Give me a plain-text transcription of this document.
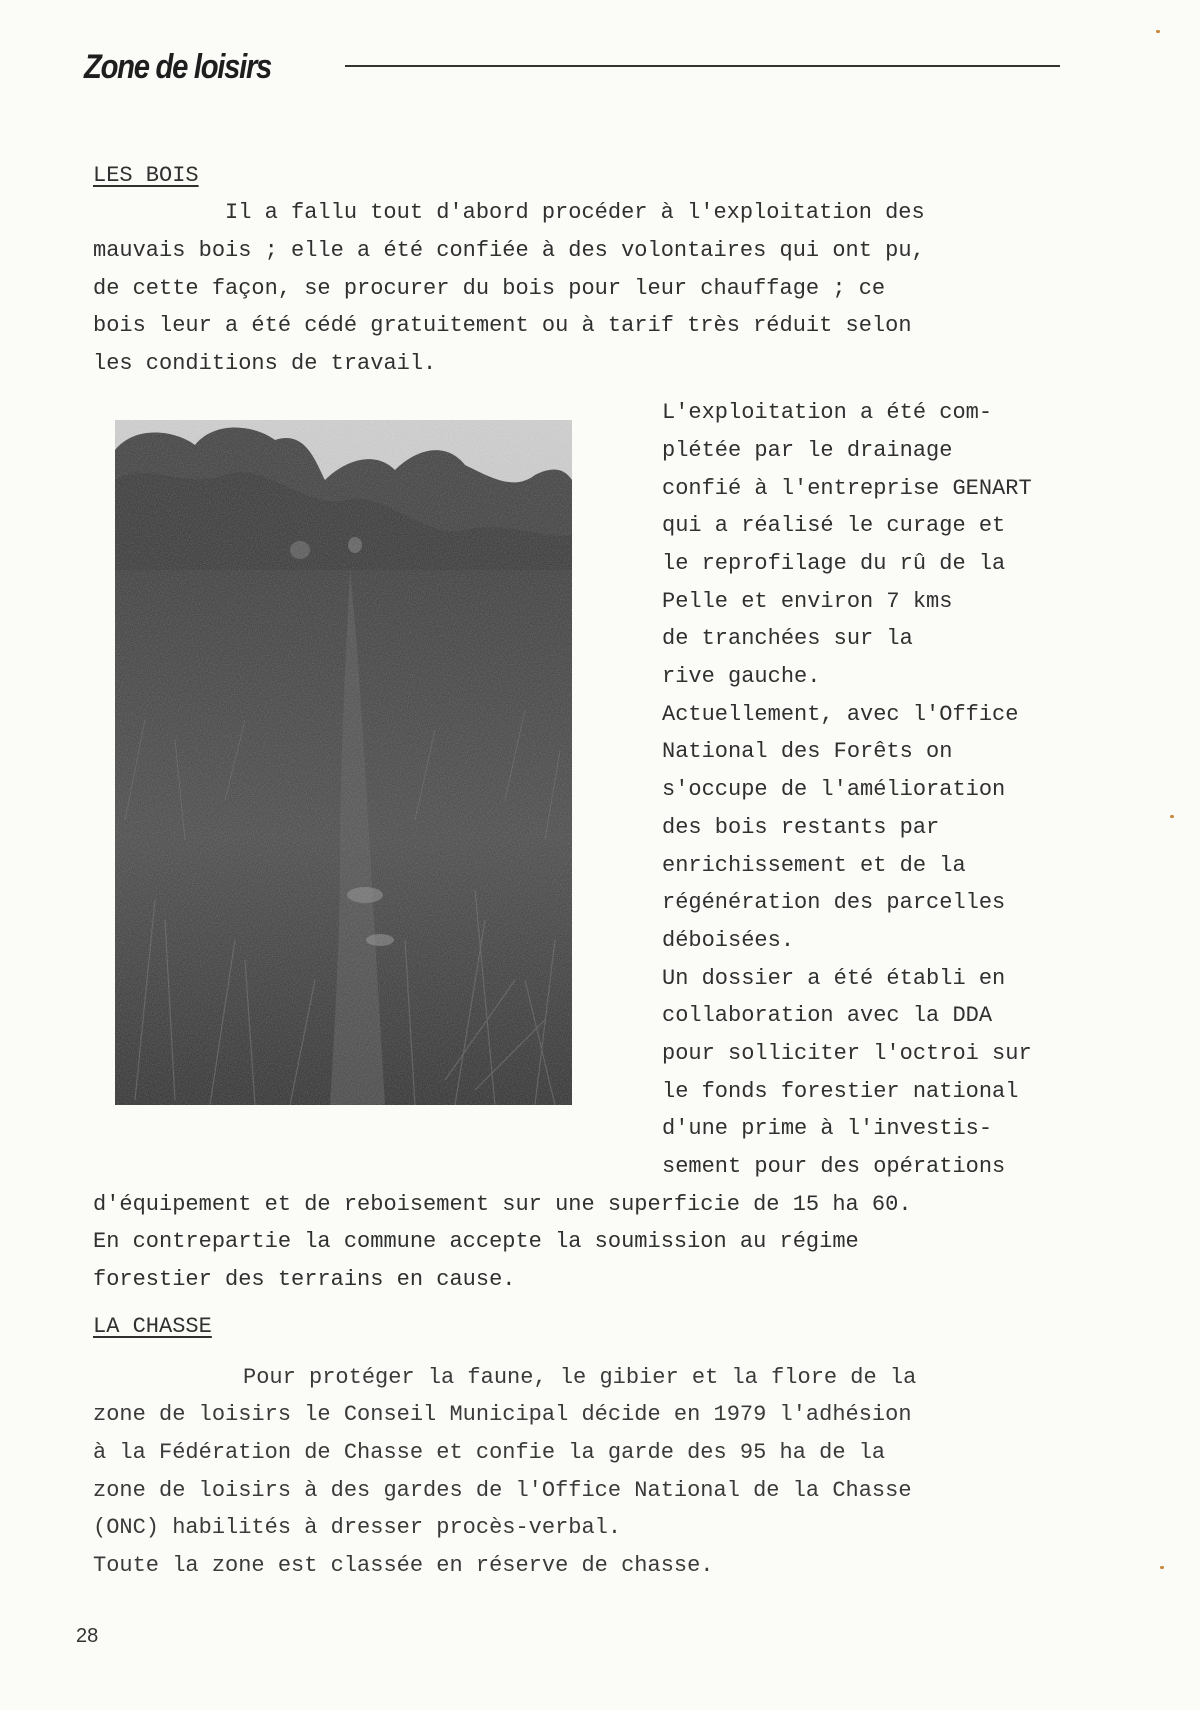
Zone de loisirs
LES BOIS
Il a fallu tout d'abord procéder à l'exploitation des
mauvais bois ; elle a été confiée à des volontaires qui ont pu,
de cette façon, se procurer du bois pour leur chauffage ; ce
bois leur a été cédé gratuitement ou à tarif très réduit selon
les conditions de travail.
L'exploitation a été com-
plétée par le drainage
confié à l'entreprise GENART
qui a réalisé le curage et
le reprofilage du rû de la
Pelle et environ 7 kms
de tranchées sur la
rive gauche.
Actuellement, avec l'Office
National des Forêts on
s'occupe de l'amélioration
des bois restants par
enrichissement et de la
régénération des parcelles
déboisées.
Un dossier a été établi en
collaboration avec la DDA
pour solliciter l'octroi sur
le fonds forestier national
d'une prime à l'investis-
sement pour des opérations
d'équipement et de reboisement sur une superficie de 15 ha 60.
En contrepartie la commune accepte la soumission au régime
forestier des terrains en cause.
LA CHASSE
Pour protéger la faune, le gibier et la flore de la
zone de loisirs le Conseil Municipal décide en 1979 l'adhésion
à la Fédération de Chasse et confie la garde des 95 ha de la
zone de loisirs à des gardes de l'Office National de la Chasse
(ONC) habilités à dresser procès-verbal.
Toute la zone est classée en réserve de chasse.
28
